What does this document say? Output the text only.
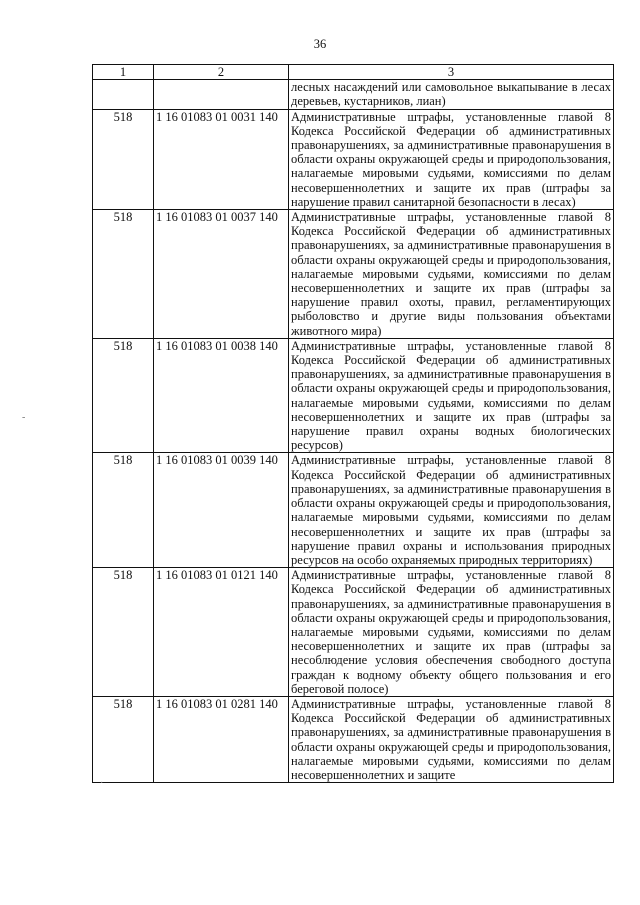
36
1	2	3
		лесных насаждений или самовольное выкапывание в лесах деревьев, кустарников, лиан)
518	1 16 01083 01 0031 140	Административные штрафы, установленные главой 8 Кодекса Российской Федерации об административных правонарушениях, за административные правонарушения в области охраны окружающей среды и природопользования, налагаемые мировыми судьями, комиссиями по делам несовершеннолетних и защите их прав (штрафы за нарушение правил санитарной безопасности в лесах)
518	1 16 01083 01 0037 140	Административные штрафы, установленные главой 8 Кодекса Российской Федерации об административных правонарушениях, за административные правонарушения в области охраны окружающей среды и природопользования, налагаемые мировыми судьями, комиссиями по делам несовершеннолетних и защите их прав (штрафы за нарушение правил охоты, правил, регламентирующих рыболовство и другие виды пользования объектами животного мира)
518	1 16 01083 01 0038 140	Административные штрафы, установленные главой 8 Кодекса Российской Федерации об административных правонарушениях, за административные правонарушения в области охраны окружающей среды и природопользования, налагаемые мировыми судьями, комиссиями по делам несовершеннолетних и защите их прав (штрафы за нарушение правил охраны водных биологических ресурсов)
518	1 16 01083 01 0039 140	Административные штрафы, установленные главой 8 Кодекса Российской Федерации об административных правонарушениях, за административные правонарушения в области охраны окружающей среды и природопользования, налагаемые мировыми судьями, комиссиями по делам несовершеннолетних и защите их прав (штрафы за нарушение правил охраны и использования природных ресурсов на особо охраняемых природных территориях)
518	1 16 01083 01 0121 140	Административные штрафы, установленные главой 8 Кодекса Российской Федерации об административных правонарушениях, за административные правонарушения в области охраны окружающей среды и природопользования, налагаемые мировыми судьями, комиссиями по делам несовершеннолетних и защите их прав (штрафы за несоблюдение условия обеспечения свободного доступа граждан к водному объекту общего пользования и его береговой полосе)
518	1 16 01083 01 0281 140	Административные штрафы, установленные главой 8 Кодекса Российской Федерации об административных правонарушениях, за административные правонарушения в области охраны окружающей среды и природопользования, налагаемые мировыми судьями, комиссиями по делам несовершеннолетних и защите
-
·
